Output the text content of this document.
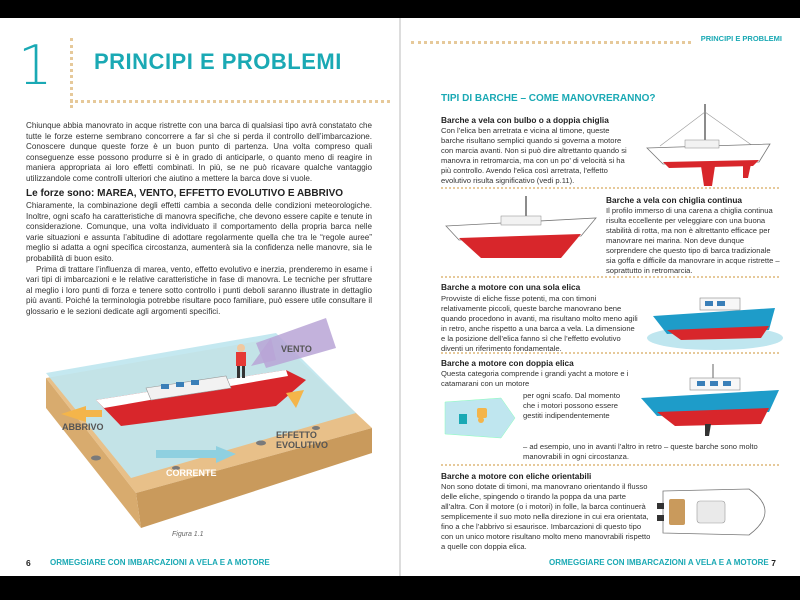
1 PRINCIPI E PROBLEMI

Chiunque abbia manovrato in acque ristrette con una barca di qualsiasi tipo avrà constatato che tutte le forze esterne sembrano concorrere a far sì che si perda il controllo dell’imbarcazione. Conoscere dunque queste forze è un buon punto di partenza. Una volta compreso quali conseguenze esse possono produrre si è in grado di anticiparle, o quanto meno di reagire in maniera appropriata ai loro effetti combinati. In più, se ne può ricavare qualche vantaggio utilizzandole come controlli ulteriori che aiutino a mettere la barca dove si vuole.

Le forze sono: MAREA, VENTO, EFFETTO EVOLUTIVO E ABBRIVO

Chiaramente, la combinazione degli effetti cambia a seconda delle condizioni meteorologiche. Inoltre, ogni scafo ha caratteristiche di manovra specifiche, che devono essere capite e tenute in considerazione. Comunque, una volta individuato il comportamento della propria barca nelle varie situazioni e assunta l’abitudine di adottare regolarmente quella che tra le “regole auree” meglio si adatta a ogni specifica circostanza, aumenterà sia la confidenza nelle manovre, sia le probabilità di buon esito.

Prima di trattare l’influenza di marea, vento, effetto evolutivo e inerzia, prenderemo in esame i vari tipi di imbarcazioni e le relative caratteristiche in fase di manovra. Le tecniche per sfruttare al meglio i loro punti di forza e tenere sotto controllo i punti deboli saranno illustrate in dettaglio più avanti. Poiché la terminologia potrebbe risultare poco familiare, può essere utile consultare il glossario e le sezioni dedicate agli argomenti specifici.

VENTO
ABBRIVO
CORRENTE
EFFETTO
EVOLUTIVO
Figura 1.1
6 ORMEGGIARE CON IMBARCAZIONI A VELA E A MOTORE
PRINCIPI E PROBLEMI
TIPI DI BARCHE – COME MANOVRERANNO?
Barche a vela con bulbo o a doppia chiglia
Con l’elica ben arretrata e vicina al timone, queste barche risultano semplici quando si governa a motore con marcia avanti. Non si può dire altrettanto quando si manovra in retromarcia, ma con un po’ di velocità si ha più controllo. Avendo l’elica così arretrata, l’effetto evolutivo risulta significativo (vedi p.11).
Barche a vela con chiglia continua
Il profilo immerso di una carena a chiglia continua risulta eccellente per veleggiare con una buona stabilità di rotta, ma non è altrettanto efficace per manovrare nei marina. Non deve dunque sorprendere che questo tipo di barca tradizionale sia goffa e difficile da manovrare in acque ristrette – soprattutto in retromarcia.
Barche a motore con una sola elica
Provviste di eliche fisse potenti, ma con timoni relativamente piccoli, queste barche manovrano bene quando procedono in avanti, ma risultano molto meno agili in retro, anche rispetto a una barca a vela. La dimensione e la posizione dell’elica fanno sì che l’effetto evolutivo diventi un riferimento fondamentale.
Barche a motore con doppia elica
Questa categoria comprende i grandi yacht a motore e i catamarani con un motore
per ogni scafo. Dal momento che i motori possono essere gestiti indipendentemente
– ad esempio, uno in avanti l’altro in retro – queste barche sono molto manovrabili in ogni circostanza.
Barche a motore con eliche orientabili
Non sono dotate di timoni, ma manovrano orientando il flusso delle eliche, spingendo o tirando la poppa da una parte all’altra. Con il motore (o i motori) in folle, la barca continuerà semplicemente il suo moto nella direzione in cui era orientata, fino a che l’abbrivo si esaurisce. Imbarcazioni di questo tipo con un unico motore risultano molto meno manovrabili rispetto a quelle con doppia elica.
ORMEGGIARE CON IMBARCAZIONI A VELA E A MOTORE 7
